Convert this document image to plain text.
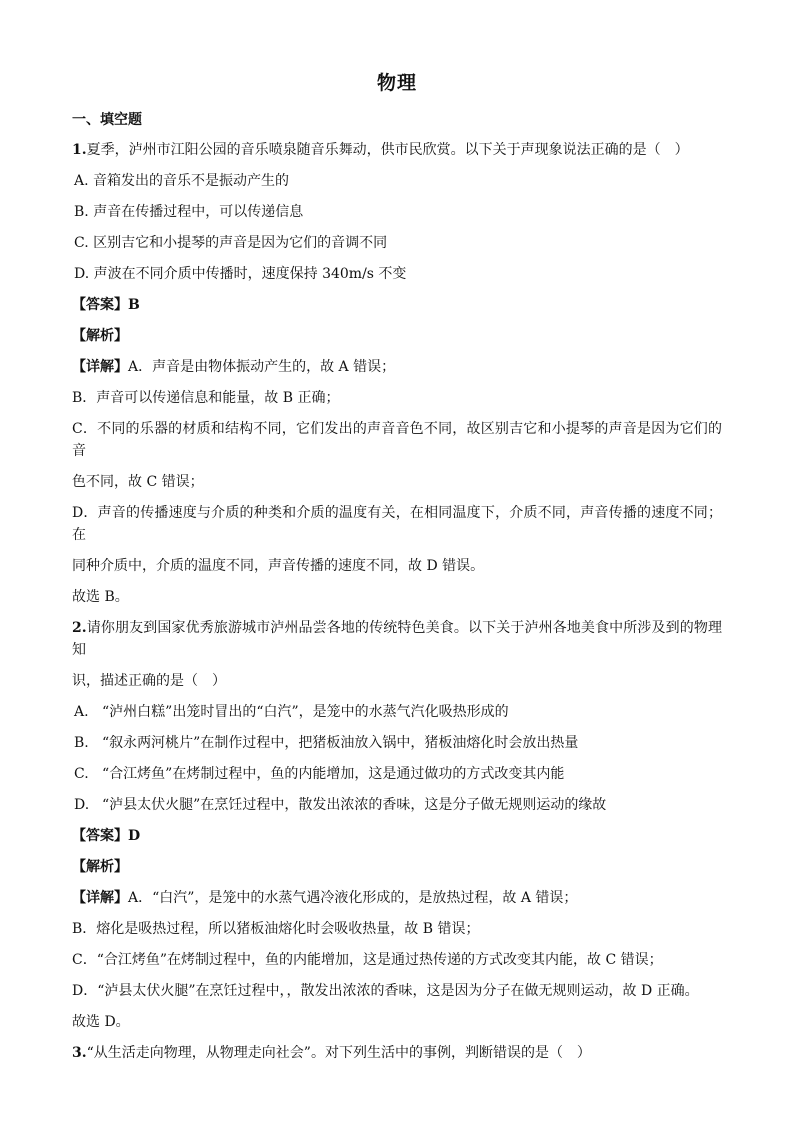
物理
一、填空题
1.夏季，泸州市江阳公园的音乐喷泉随音乐舞动，供市民欣赏。以下关于声现象说法正确的是（　）
A. 音箱发出的音乐不是振动产生的
B. 声音在传播过程中，可以传递信息
C. 区别吉它和小提琴的声音是因为它们的音调不同
D. 声波在不同介质中传播时，速度保持 340m/s 不变
【答案】B
【解析】
【详解】A．声音是由物体振动产生的，故 A 错误；
B．声音可以传递信息和能量，故 B 正确；
C．不同的乐器的材质和结构不同，它们发出的声音音色不同，故区别吉它和小提琴的声音是因为它们的音
色不同，故 C 错误；
D．声音的传播速度与介质的种类和介质的温度有关，在相同温度下，介质不同，声音传播的速度不同；在
同种介质中，介质的温度不同，声音传播的速度不同，故 D 错误。
故选 B。
2.请你朋友到国家优秀旅游城市泸州品尝各地的传统特色美食。以下关于泸州各地美食中所涉及到的物理知
识，描述正确的是（　）
A. “泸州白糕”出笼时冒出的“白汽”，是笼中的水蒸气汽化吸热形成的
B. “叙永两河桃片”在制作过程中，把猪板油放入锅中，猪板油熔化时会放出热量
C. “合江烤鱼”在烤制过程中，鱼的内能增加，这是通过做功的方式改变其内能
D. “泸县太伏火腿”在烹饪过程中，散发出浓浓的香味，这是分子做无规则运动的缘故
【答案】D
【解析】
【详解】A．“白汽”，是笼中的水蒸气遇冷液化形成的，是放热过程，故 A 错误；
B．熔化是吸热过程，所以猪板油熔化时会吸收热量，故 B 错误；
C．“合江烤鱼”在烤制过程中，鱼的内能增加，这是通过热传递的方式改变其内能，故 C 错误；
D．“泸县太伏火腿”在烹饪过程中，，散发出浓浓的香味，这是因为分子在做无规则运动，故 D 正确。
故选 D。
3.“从生活走向物理，从物理走向社会”。对下列生活中的事例，判断错误的是（　）
